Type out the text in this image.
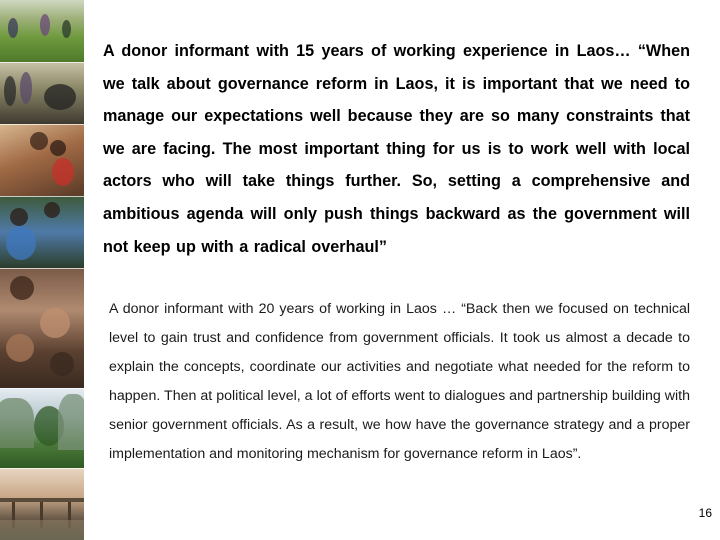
A donor informant with 15 years of working experience in Laos… “When we talk about governance reform in Laos, it is important that we need to manage our expectations well because they are so many constraints that we are facing. The most important thing for us is to work well with local actors who will take things further. So, setting a comprehensive and ambitious agenda will only push things backward as the government will not keep up with a radical overhaul”
A donor informant with 20 years of working in Laos … “Back then we focused on technical level to gain trust and confidence from government officials. It took us almost a decade to explain the concepts, coordinate our activities and negotiate what needed for the reform to happen. Then at political level, a lot of efforts went to dialogues and partnership building with senior government officials. As a result, we how have the governance strategy and a proper implementation and monitoring mechanism for governance reform in Laos”.
16
